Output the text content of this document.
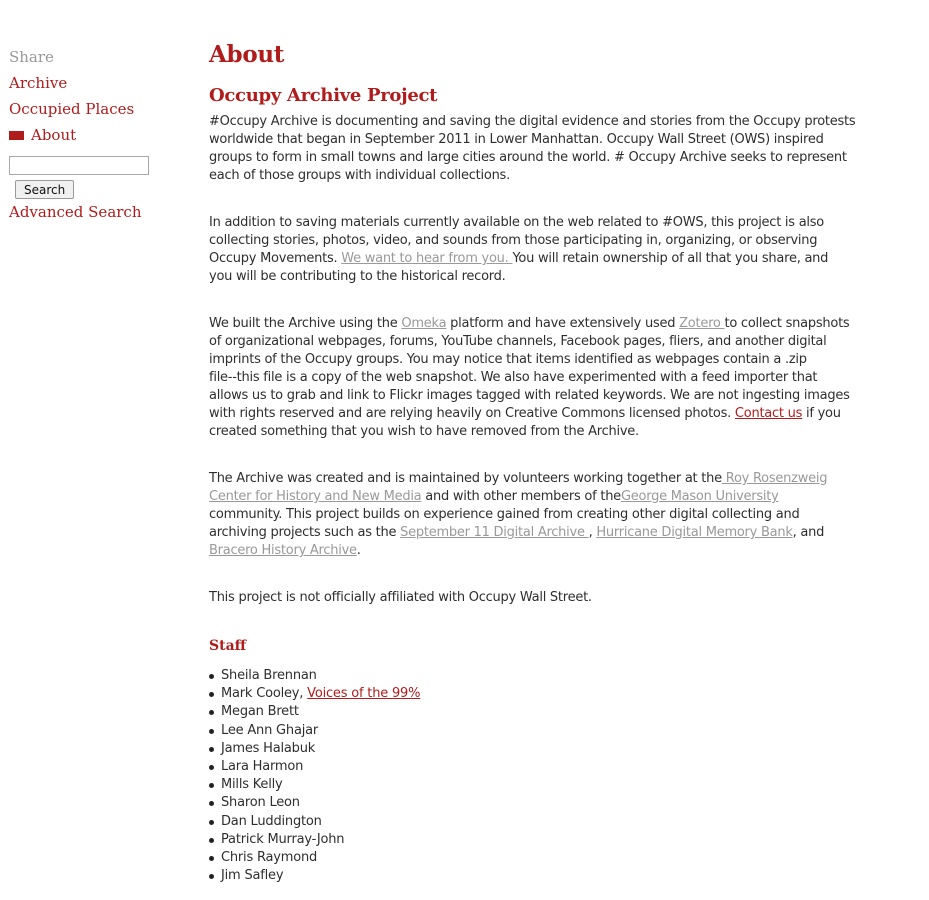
Share
Archive
Occupied Places
About
Search
Advanced Search
About
Occupy Archive Project

#Occupy Archive is documenting and saving the digital evidence and stories from the Occupy protests
worldwide that began in September 2011 in Lower Manhattan. Occupy Wall Street (OWS) inspired
groups to form in small towns and large cities around the world. # Occupy Archive seeks to represent
each of those groups with individual collections.

In addition to saving materials currently available on the web related to #OWS, this project is also
collecting stories, photos, video, and sounds from those participating in, organizing, or observing
Occupy Movements. We want to hear from you. You will retain ownership of all that you share, and
you will be contributing to the historical record.

We built the Archive using the Omeka platform and have extensively used Zotero to collect snapshots
of organizational webpages, forums, YouTube channels, Facebook pages, fliers, and another digital
imprints of the Occupy groups. You may notice that items identified as webpages contain a .zip
file--this file is a copy of the web snapshot. We also have experimented with a feed importer that
allows us to grab and link to Flickr images tagged with related keywords. We are not ingesting images
with rights reserved and are relying heavily on Creative Commons licensed photos. Contact us if you
created something that you wish to have removed from the Archive.

The Archive was created and is maintained by volunteers working together at the Roy Rosenzweig
Center for History and New Media and with other members of theGeorge Mason University
community. This project builds on experience gained from creating other digital collecting and
archiving projects such as the September 11 Digital Archive , Hurricane Digital Memory Bank, and
Bracero History Archive.

This project is not officially affiliated with Occupy Wall Street.

Staff
Sheila Brennan
Mark Cooley, Voices of the 99%
Megan Brett
Lee Ann Ghajar
James Halabuk
Lara Harmon
Mills Kelly
Sharon Leon
Dan Luddington
Patrick Murray-John
Chris Raymond
Jim Safley
